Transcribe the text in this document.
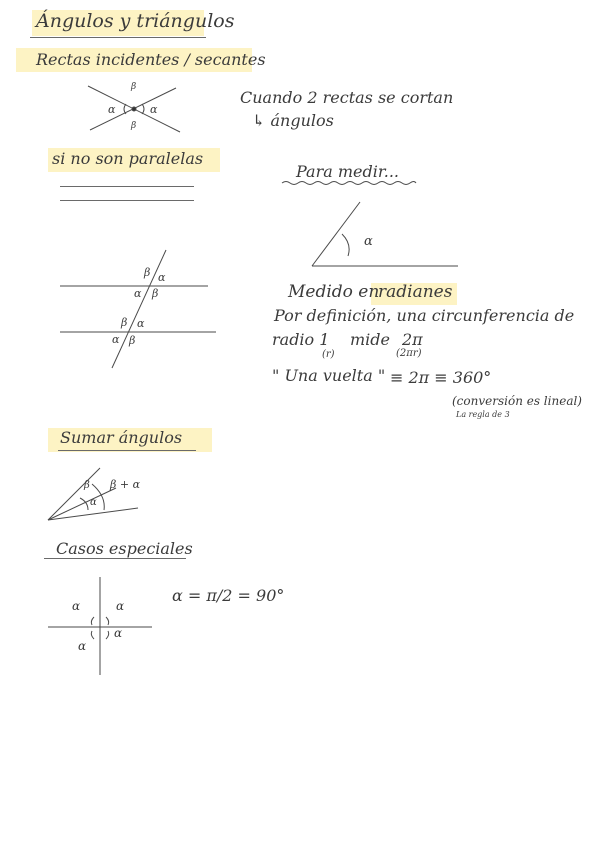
Ángulos y triángulos
Rectas incidentes / secantes
β
α	α
β
Cuando 2 rectas se cortan
↳ ángulos
si no son paralelas
Para medir...
α
β α
α β
β α
α β
Medido en
radianes
Por definición, una circunferencia de
radio 1 mide 2π
(r)	(2πr)
" Una vuelta " ≡ 2π ≡ 360°
(conversión es lineal)
La regla de 3
Sumar ángulos
β
α
β + α
Casos especiales
α	α
α
α
α = π/2 = 90°
